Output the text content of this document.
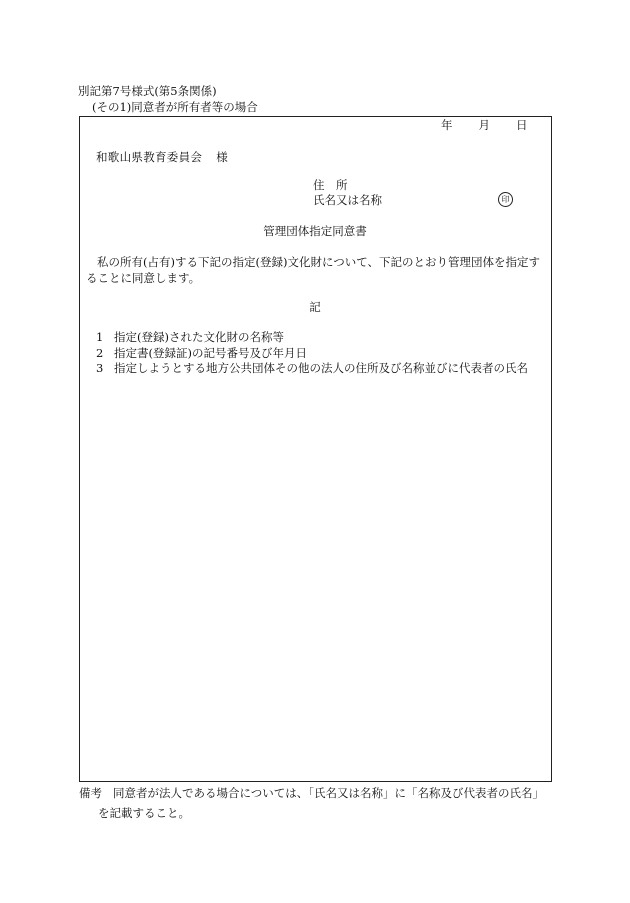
別記第7号様式(第5条関係)
(その1)同意者が所有者等の場合
年 月 日
和歌山県教育委員会 様
住　所
氏名又は名称	印
管理団体指定同意書
私の所有(占有)する下記の指定(登録)文化財について、下記のとおり管理団体を指定することに同意します。
記
1 指定(登録)された文化財の名称等
2 指定書(登録証)の記号番号及び年月日
3 指定しようとする地方公共団体その他の法人の住所及び名称並びに代表者の氏名
備考 同意者が法人である場合については、「氏名又は名称」に「名称及び代表者の氏名」
を記載すること。
